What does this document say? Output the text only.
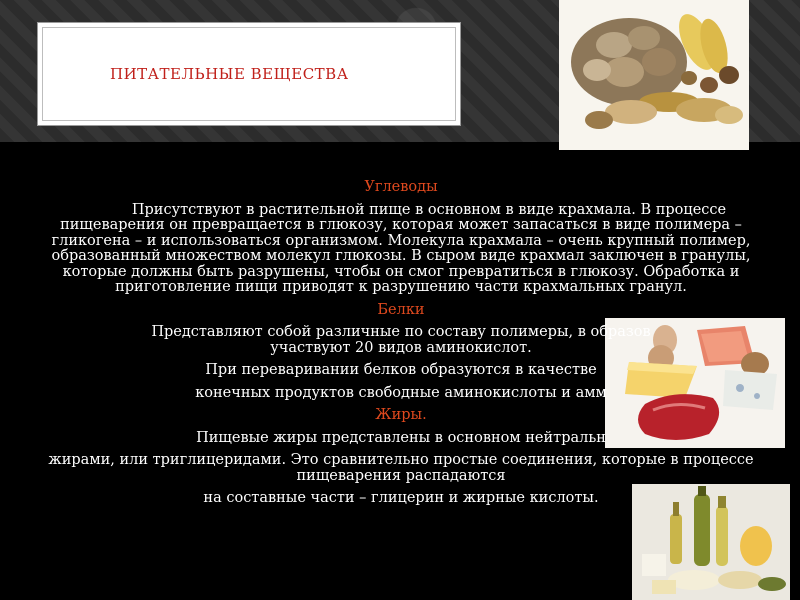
ПИТАТЕЛЬНЫЕ ВЕЩЕСТВА

Углеводы

Присутствуют в растительной пище в основном в виде крахмала. В процессе пищеварения он превращается в глюкозу, которая может запасаться в виде полимера – гликогена – и использоваться организмом. Молекула крахмала – очень крупный полимер, образованный множеством молекул глюкозы. В сыром виде крахмал заключен в гранулы, которые должны быть разрушены, чтобы он смог превратиться в глюкозу. Обработка и приготовление пищи приводят к разрушению части крахмальных гранул.

Белки

Представляют собой различные по составу полимеры, в образов

участвуют 20 видов аминокислот.

При переваривании белков образуются в качестве

конечных продуктов свободные аминокислоты и амм

Жиры.

Пищевые жиры представлены в основном нейтральн

жирами, или триглицеридами. Это сравнительно простые соединения, которые в процессе пищеварения распадаются

на составные части – глицерин и жирные кислоты.
